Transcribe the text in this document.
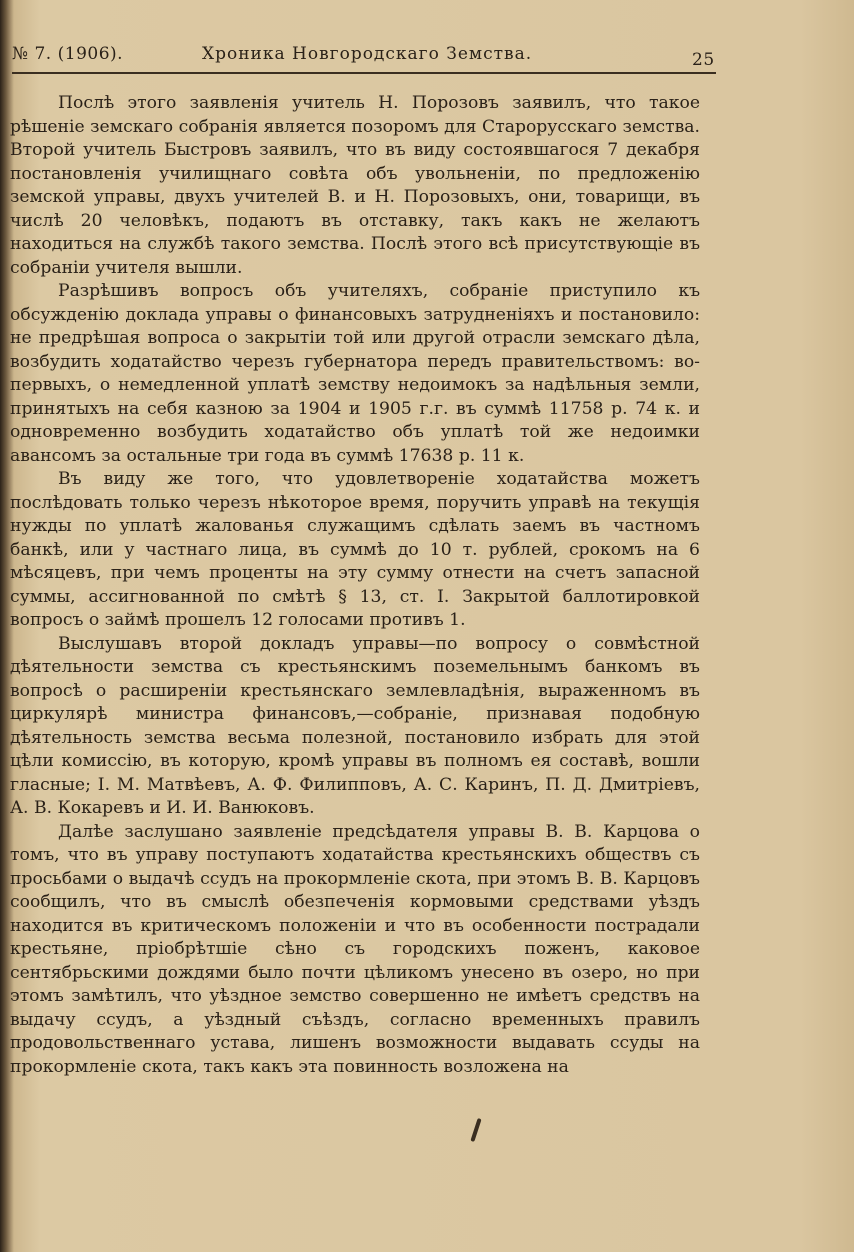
№ 7. (1906).	Хроника Новгородскаго Земства.	25

Послѣ этого заявленія учитель Н. Порозовъ заявилъ, что такое рѣшеніе земскаго собранія является позоромъ для Старорусскаго земства. Второй учитель Быстровъ заявилъ, что въ виду состоявшагося 7 декабря постановленія училищнаго совѣта объ увольненіи, по предложенію земской управы, двухъ учителей В. и Н. Порозовыхъ, они, товарищи, въ числѣ 20 человѣкъ, подаютъ въ отставку, такъ какъ не желаютъ находиться на службѣ такого земства. Послѣ этого всѣ присутствующіе въ собраніи учителя вышли.

Разрѣшивъ вопросъ объ учителяхъ, собраніе приступило къ обсужденію доклада управы о финансовыхъ затрудненіяхъ и постановило: не предрѣшая вопроса о закрытіи той или другой отрасли земскаго дѣла, возбудить ходатайство черезъ губернатора передъ правительствомъ: во-первыхъ, о немедленной уплатѣ земству недоимокъ за надѣльныя земли, принятыхъ на себя казною за 1904 и 1905 г.г. въ суммѣ 11758 р. 74 к. и одновременно возбудить ходатайство объ уплатѣ той же недоимки авансомъ за остальные три года въ суммѣ 17638 р. 11 к.

Въ виду же того, что удовлетвореніе ходатайства можетъ послѣдовать только черезъ нѣкоторое время, поручить управѣ на текущія нужды по уплатѣ жалованья служащимъ сдѣлать заемъ въ частномъ банкѣ, или у частнаго лица, въ суммѣ до 10 т. рублей, срокомъ на 6 мѣсяцевъ, при чемъ проценты на эту сумму отнести на счетъ запасной суммы, ассигнованной по смѣтѣ § 13, ст. I. Закрытой баллотировкой вопросъ о займѣ прошелъ 12 голосами противъ 1.

Выслушавъ второй докладъ управы—по вопросу о совмѣстной дѣятельности земства съ крестьянскимъ поземельнымъ банкомъ въ вопросѣ о расширеніи крестьянскаго землевладѣнія, выраженномъ въ циркулярѣ министра финансовъ,—собраніе, признавая подобную дѣятельность земства весьма полезной, постановило избрать для этой цѣли комиссію, въ которую, кромѣ управы въ полномъ ея составѣ, вошли гласные; I. М. Матвѣевъ, А. Ф. Филипповъ, А. С. Каринъ, П. Д. Дмитріевъ, А. В. Кокаревъ и И. И. Ванюковъ.

Далѣе заслушано заявленіе предсѣдателя управы В. В. Карцова о томъ, что въ управу поступаютъ ходатайства крестьянскихъ обществъ съ просьбами о выдачѣ ссудъ на прокормленіе скота, при этомъ В. В. Карцовъ сообщилъ, что въ смыслѣ обезпеченія кормовыми средствами уѣздъ находится въ критическомъ положеніи и что въ особенности пострадали крестьяне, пріобрѣтшіе сѣно съ городскихъ поженъ, каковое сентябрьскими дождями было почти цѣликомъ унесено въ озеро, но при этомъ замѣтилъ, что уѣздное земство совершенно не имѣетъ средствъ на выдачу ссудъ, а уѣздный съѣздъ, согласно временныхъ правилъ продовольственнаго устава, лишенъ возможности выдавать ссуды на прокормленіе скота, такъ какъ эта повинность возложена на
